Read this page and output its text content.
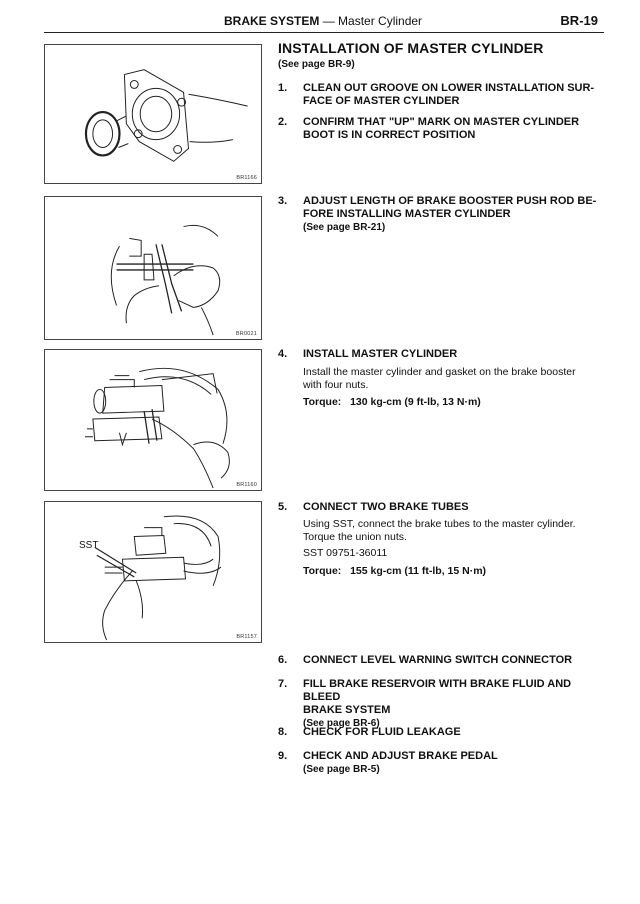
BRAKE SYSTEM — Master Cylinder	BR-19
BR1166
BR0021
BR1160
SST
BR1157
INSTALLATION OF MASTER CYLINDER
(See page BR-9)
1. CLEAN OUT GROOVE ON LOWER INSTALLATION SUR-
FACE OF MASTER CYLINDER
2. CONFIRM THAT "UP" MARK ON MASTER CYLINDER
BOOT IS IN CORRECT POSITION
3. ADJUST LENGTH OF BRAKE BOOSTER PUSH ROD BE-
FORE INSTALLING MASTER CYLINDER
(See page BR-21)
4. INSTALL MASTER CYLINDER
Install the master cylinder and gasket on the brake booster
with four nuts.
Torque: 130 kg-cm (9 ft-lb, 13 N·m)
5. CONNECT TWO BRAKE TUBES
Using SST, connect the brake tubes to the master cylinder.
Torque the union nuts.
SST 09751-36011
Torque: 155 kg-cm (11 ft-lb, 15 N·m)
6. CONNECT LEVEL WARNING SWITCH CONNECTOR
7. FILL BRAKE RESERVOIR WITH BRAKE FLUID AND BLEED
BRAKE SYSTEM
(See page BR-6)
8. CHECK FOR FLUID LEAKAGE
9. CHECK AND ADJUST BRAKE PEDAL
(See page BR-5)
